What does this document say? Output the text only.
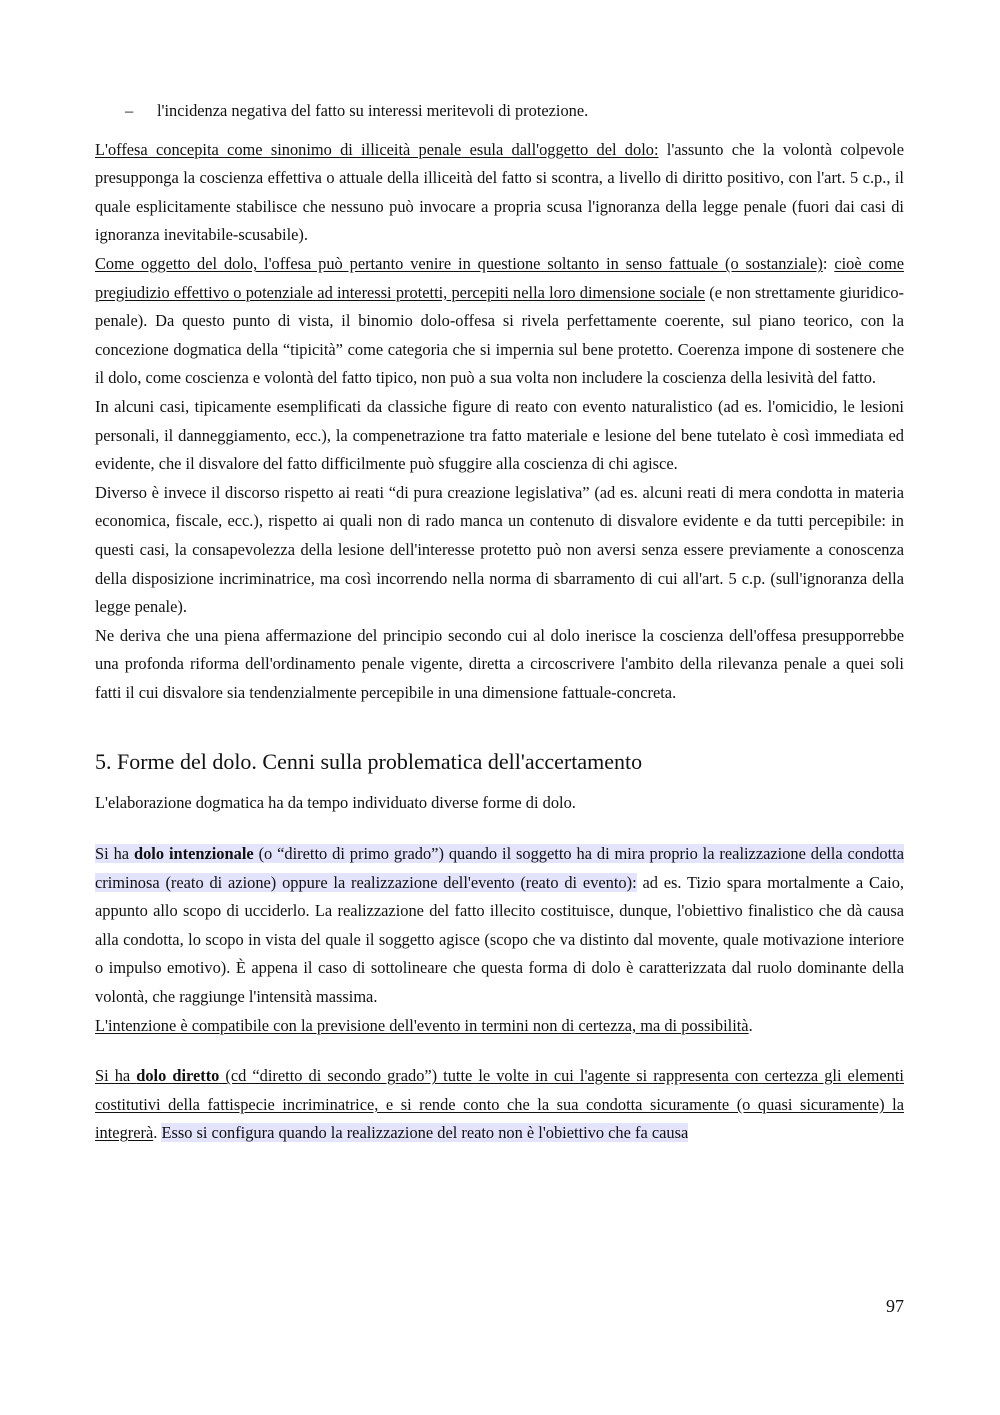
–	l'incidenza negativa del fatto su interessi meritevoli di protezione.

L'offesa concepita come sinonimo di illiceità penale esula dall'oggetto del dolo: l'assunto che la volontà colpevole presupponga la coscienza effettiva o attuale della illiceità del fatto si scontra, a livello di diritto positivo, con l'art. 5 c.p., il quale esplicitamente stabilisce che nessuno può invocare a propria scusa l'ignoranza della legge penale (fuori dai casi di ignoranza inevitabile-scusabile).

Come oggetto del dolo, l'offesa può pertanto venire in questione soltanto in senso fattuale (o sostanziale): cioè come pregiudizio effettivo o potenziale ad interessi protetti, percepiti nella loro dimensione sociale (e non strettamente giuridico-penale). Da questo punto di vista, il binomio dolo-offesa si rivela perfettamente coerente, sul piano teorico, con la concezione dogmatica della “tipicità” come categoria che si impernia sul bene protetto. Coerenza impone di sostenere che il dolo, come coscienza e volontà del fatto tipico, non può a sua volta non includere la coscienza della lesività del fatto.

In alcuni casi, tipicamente esemplificati da classiche figure di reato con evento naturalistico (ad es. l'omicidio, le lesioni personali, il danneggiamento, ecc.), la compenetrazione tra fatto materiale e lesione del bene tutelato è così immediata ed evidente, che il disvalore del fatto difficilmente può sfuggire alla coscienza di chi agisce.

Diverso è invece il discorso rispetto ai reati “di pura creazione legislativa” (ad es. alcuni reati di mera condotta in materia economica, fiscale, ecc.), rispetto ai quali non di rado manca un contenuto di disvalore evidente e da tutti percepibile: in questi casi, la consapevolezza della lesione dell'interesse protetto può non aversi senza essere previamente a conoscenza della disposizione incriminatrice, ma così incorrendo nella norma di sbarramento di cui all'art. 5 c.p. (sull'ignoranza della legge penale).

Ne deriva che una piena affermazione del principio secondo cui al dolo inerisce la coscienza dell'offesa presupporrebbe una profonda riforma dell'ordinamento penale vigente, diretta a circoscrivere l'ambito della rilevanza penale a quei soli fatti il cui disvalore sia tendenzialmente percepibile in una dimensione fattuale-concreta.

5. Forme del dolo. Cenni sulla problematica dell'accertamento

L'elaborazione dogmatica ha da tempo individuato diverse forme di dolo.

Si ha dolo intenzionale (o “diretto di primo grado”) quando il soggetto ha di mira proprio la realizzazione della condotta criminosa (reato di azione) oppure la realizzazione dell'evento (reato di evento): ad es. Tizio spara mortalmente a Caio, appunto allo scopo di ucciderlo. La realizzazione del fatto illecito costituisce, dunque, l'obiettivo finalistico che dà causa alla condotta, lo scopo in vista del quale il soggetto agisce (scopo che va distinto dal movente, quale motivazione interiore o impulso emotivo). È appena il caso di sottolineare che questa forma di dolo è caratterizzata dal ruolo dominante della volontà, che raggiunge l'intensità massima.

L'intenzione è compatibile con la previsione dell'evento in termini non di certezza, ma di possibilità.

Si ha dolo diretto (cd “diretto di secondo grado”) tutte le volte in cui l'agente si rappresenta con certezza gli elementi costitutivi della fattispecie incriminatrice, e si rende conto che la sua condotta sicuramente (o quasi sicuramente) la integrerà. Esso si configura quando la realizzazione del reato non è l'obiettivo che fa causa

97
